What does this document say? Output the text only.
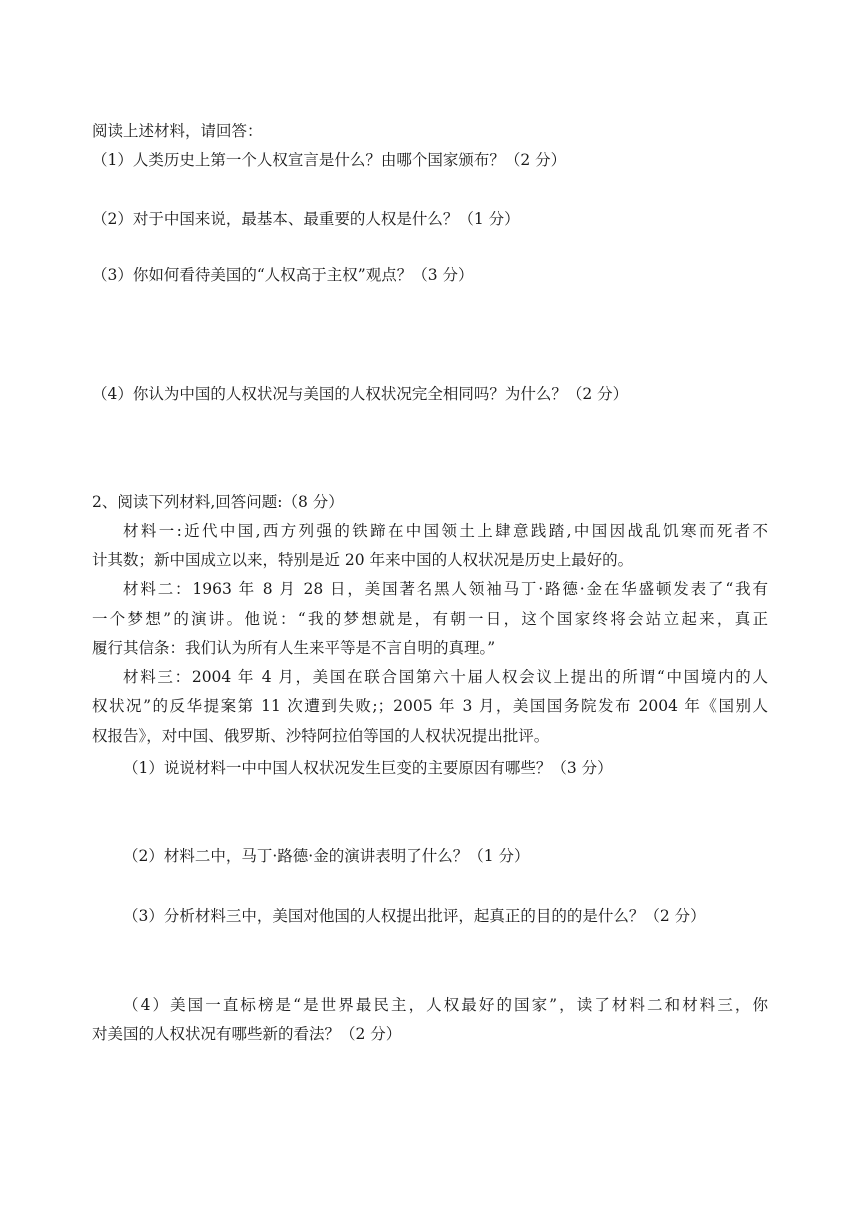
阅读上述材料，请回答：
（1）人类历史上第一个人权宣言是什么？由哪个国家颁布？（2 分）
（2）对于中国来说，最基本、最重要的人权是什么？（1 分）
（3）你如何看待美国的“人权高于主权”观点？（3 分）
（4）你认为中国的人权状况与美国的人权状况完全相同吗？为什么？（2 分）
2、阅读下列材料,回答问题:（8 分）
材料一:近代中国,西方列强的铁蹄在中国领土上肆意践踏,中国因战乱饥寒而死者不
计其数；新中国成立以来，特别是近 20 年来中国的人权状况是历史上最好的。
材料二：1963 年 8 月 28 日，美国著名黑人领袖马丁·路德·金在华盛顿发表了“我有
一个梦想”的演讲。他说：“我的梦想就是，有朝一日，这个国家终将会站立起来，真正
履行其信条：我们认为所有人生来平等是不言自明的真理。”
材料三：2004 年 4 月，美国在联合国第六十届人权会议上提出的所谓“中国境内的人
权状况”的反华提案第 11 次遭到失败;；2005 年 3 月，美国国务院发布 2004 年《国别人
权报告》，对中国、俄罗斯、沙特阿拉伯等国的人权状况提出批评。
（1）说说材料一中中国人权状况发生巨变的主要原因有哪些？（3 分）
（2）材料二中，马丁·路德·金的演讲表明了什么？（1 分）
（3）分析材料三中，美国对他国的人权提出批评，起真正的目的的是什么？（2 分）
（4）美国一直标榜是“是世界最民主，人权最好的国家”，读了材料二和材料三，你
对美国的人权状况有哪些新的看法？（2 分）
